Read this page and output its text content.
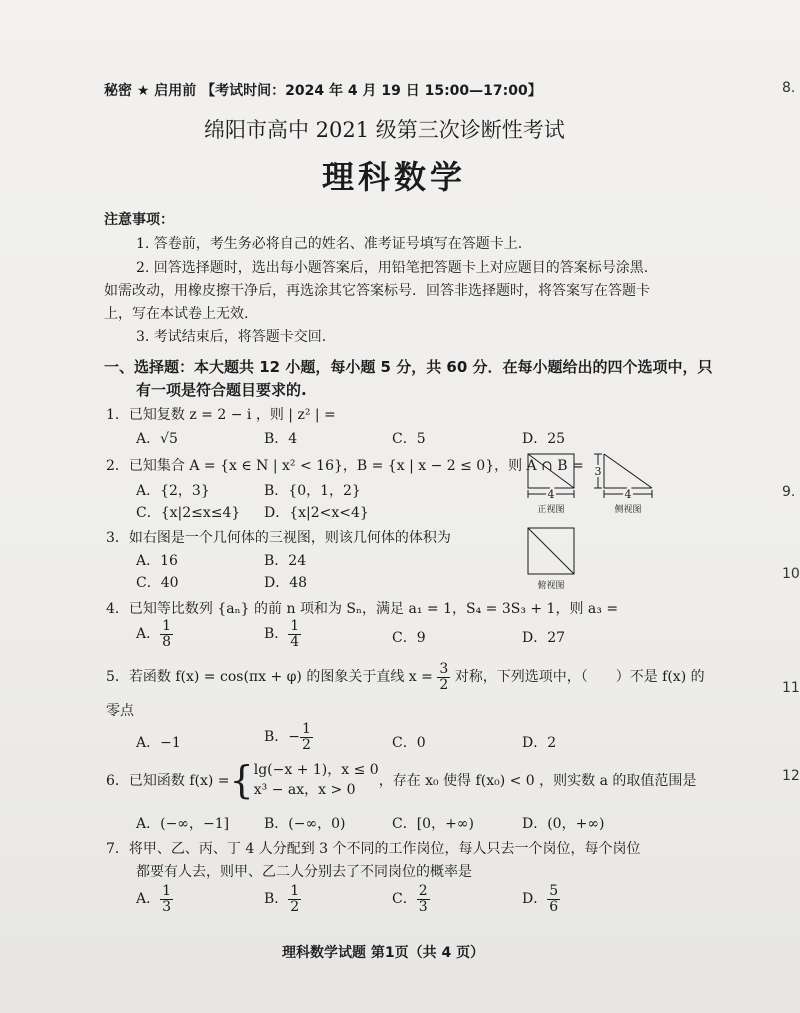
秘密 ★ 启用前 【考试时间：2024 年 4 月 19 日 15:00—17:00】
绵阳市高中 2021 级第三次诊断性考试
理科数学
注意事项：
1. 答卷前，考生务必将自己的姓名、准考证号填写在答题卡上.
2. 回答选择题时，选出每小题答案后，用铅笔把答题卡上对应题目的答案标号涂黑.
如需改动，用橡皮擦干净后，再选涂其它答案标号．回答非选择题时，将答案写在答题卡
上，写在本试卷上无效.
3. 考试结束后，将答题卡交回.
一、选择题：本大题共 12 小题，每小题 5 分，共 60 分．在每小题给出的四个选项中，只
有一项是符合题目要求的.
1．已知复数 z = 2 − i ，则 | z² | =
A．√5	B．4	C．5	D．25
2．已知集合 A = {x ∈ N | x² < 16}，B = {x | x − 2 ≤ 0}，则 A ∩ B =
A．{2，3}	B．{0，1，2}
C．{x|2≤x≤4} D．{x|2<x<4}
3．如右图是一个几何体的三视图，则该几何体的体积为
A．16	B．24
C．40	D．48
4
正视图
3
4
侧视图
俯视图
4．已知等比数列 {aₙ} 的前 n 项和为 Sₙ，满足 a₁ = 1，S₄ = 3S₃ + 1，则 a₃ =
A． $\frac{1}{8}$	B． $\frac{1}{4}$	C．9	D．27
5．若函数 f(x) = cos(πx + φ) 的图象关于直线 $x = \frac{3}{2}$ 对称，下列选项中，（　　）不是 f(x) 的
零点
A．−1	B．− $\frac{1}{2}$	C．0	D．2
6．已知函数 f(x) ={ lg(−x + 1)，x ≤ 0
x³ − ax，x > 0
，存在 x₀ 使得 f(x₀) < 0 ，则实数 a 的取值范围是
A．(−∞，−1] B．(−∞，0)	C．[0，+∞)	D．(0，+∞)
7．将甲、乙、丙、丁 4 人分配到 3 个不同的工作岗位，每人只去一个岗位，每个岗位
都要有人去，则甲、乙二人分别去了不同岗位的概率是
A． $\frac{1}{3}$	B． $\frac{1}{2}$	C． $\frac{2}{3}$	D． $\frac{5}{6}$
理科数学试题 第1页（共 4 页）
8.
9.
10
11
12
